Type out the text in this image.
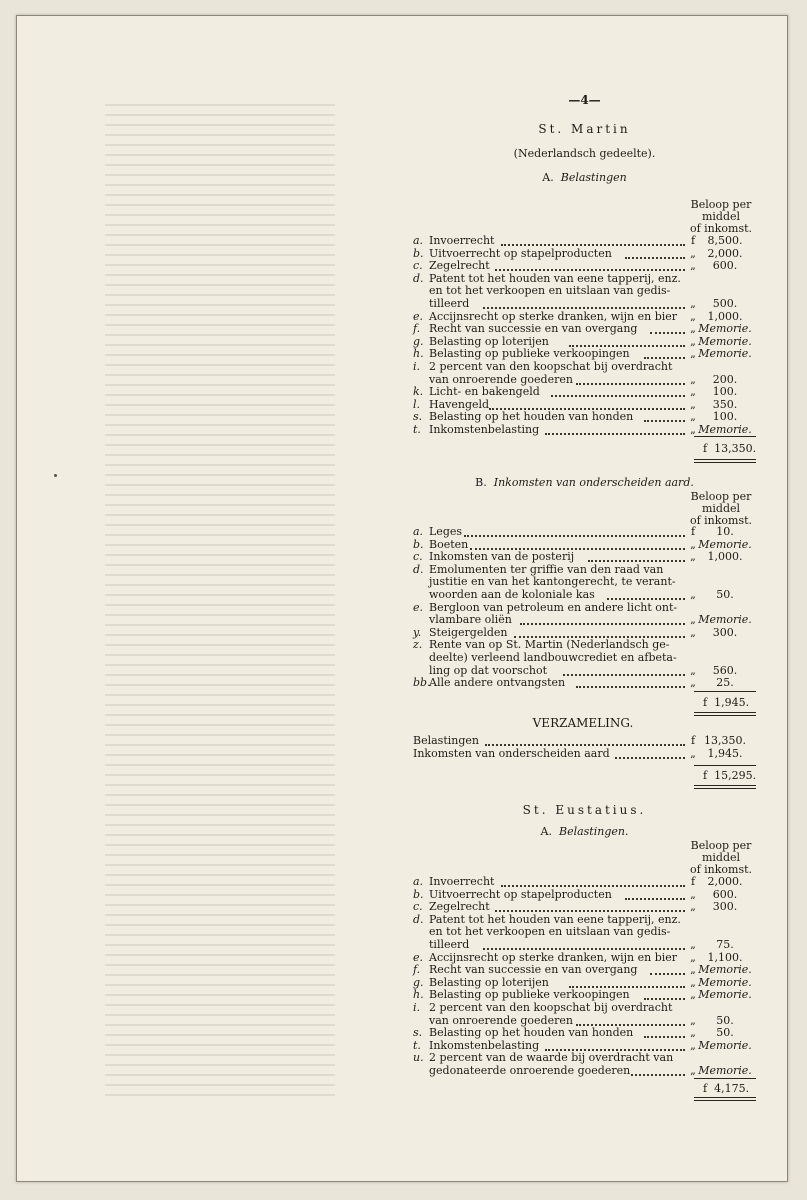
—4—
St. Martin
(Nederlandsch gedeelte).
A. Belastingen
Beloop per
middel
of inkomst.
a. Invoerrecht	f	8,500.
b. Uitvoerrecht op stapelproducten	„	2,000.
c. Zegelrecht	„	600.
d. Patent tot het houden van eene tapperij, enz.
en tot het verkoopen en uitslaan van gedis-
tilleerd	„	500.
e. Accijnsrecht op sterke dranken, wijn en bier „	1,000.
f. Recht van successie en van overgang	„ Memorie.
g. Belasting op loterijen	„ Memorie.
h. Belasting op publieke verkoopingen	„ Memorie.
i. 2 percent van den koopschat bij overdracht
van onroerende goederen	„	200.
k. Licht- en bakengeld	„	100.
l. Havengeld	„	350.
s. Belasting op het houden van honden	„	100.
t. Inkomstenbelasting	„ Memorie.
f 13,350.
B. Inkomsten van onderscheiden aard.
Beloop per
middel
of inkomst.
a. Leges	f	10.
b. Boeten	„ Memorie.
c. Inkomsten van de posterij	„	1,000.
d. Emolumenten ter griffie van den raad van
justitie en van het kantongerecht, te verant-
woorden aan de koloniale kas	„	50.
e. Bergloon van petroleum en andere licht ont-
vlambare oliën	„ Memorie.
y. Steigergelden	„	300.
z. Rente van op St. Martin (Nederlandsch ge-
deelte) verleend landbouwcrediet en afbeta-
ling op dat voorschot	„	560.
bb.
Alle andere ontvangsten	„	25.
f 1,945.
VERZAMELING.
Belastingen	f 13,350.
Inkomsten van onderscheiden aard	„	1,945.
f 15,295.
St. Eustatius.
A. Belastingen.
Beloop per
middel
of inkomst.
a. Invoerrecht	f	2,000.
b. Uitvoerrecht op stapelproducten	„	600.
c. Zegelrecht	„	300.
d. Patent tot het houden van eene tapperij, enz.
en tot het verkoopen en uitslaan van gedis-
tilleerd	„	75.
e. Accijnsrecht op sterke dranken, wijn en bier „	1,100.
f. Recht van successie en van overgang	„ Memorie.
g. Belasting op loterijen	„ Memorie.
h. Belasting op publieke verkoopingen	„ Memorie.
i. 2 percent van den koopschat bij overdracht
van onroerende goederen	„	50.
s. Belasting op het houden van honden	„	50.
t. Inkomstenbelasting	„ Memorie.
u. 2 percent van de waarde bij overdracht van
gedonateerde onroerende goederen	„ Memorie.
f 4,175.
